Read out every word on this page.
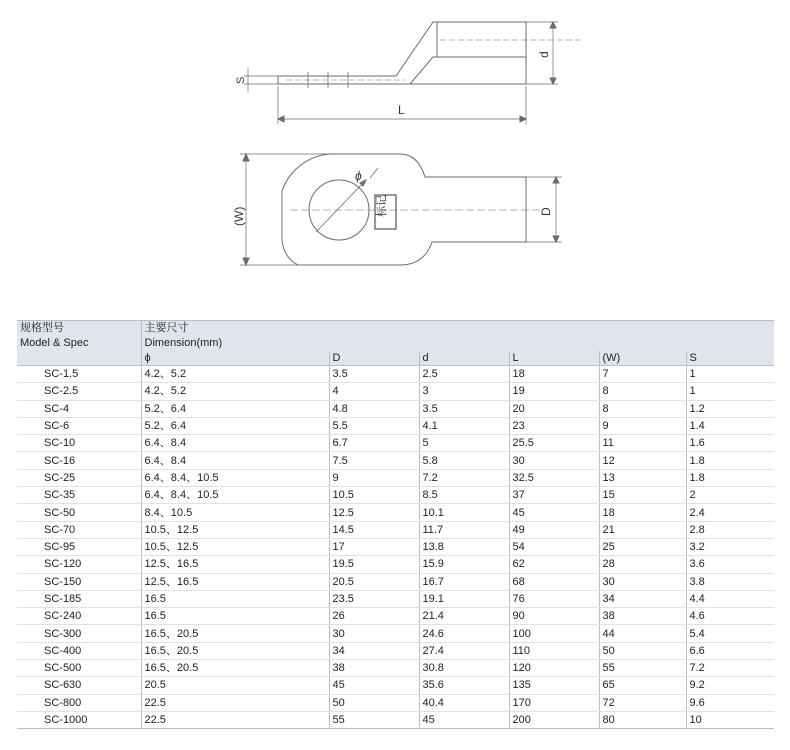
d
S
L
(W)	D
ϕ
标记
规格型号	主要尺寸					
Model & Spec	Dimension(mm)					
	ϕ	D	d	L	(W)	S
SC-1.5	4.2、5.2	3.5	2.5	18	7	1
SC-2.5	4.2、5.2	4	3	19	8	1
SC-4	5.2、6.4	4.8	3.5	20	8	1.2
SC-6	5.2、6.4	5.5	4.1	23	9	1.4
SC-10	6.4、8.4	6.7	5	25.5	11	1.6
SC-16	6.4、8.4	7.5	5.8	30	12	1.8
SC-25	6.4、8.4、10.5	9	7.2	32.5	13	1.8
SC-35	6.4、8.4、10.5	10.5	8.5	37	15	2
SC-50	8.4、10.5	12.5	10.1	45	18	2.4
SC-70	10.5、12.5	14.5	11.7	49	21	2.8
SC-95	10.5、12.5	17	13.8	54	25	3.2
SC-120	12.5、16.5	19.5	15.9	62	28	3.6
SC-150	12.5、16.5	20.5	16.7	68	30	3.8
SC-185	16.5	23.5	19.1	76	34	4.4
SC-240	16.5	26	21.4	90	38	4.6
SC-300	16.5、20.5	30	24.6	100	44	5.4
SC-400	16.5、20.5	34	27.4	110	50	6.6
SC-500	16.5、20.5	38	30.8	120	55	7.2
SC-630	20.5	45	35.6	135	65	9.2
SC-800	22.5	50	40.4	170	72	9.6
SC-1000	22.5	55	45	200	80	10
